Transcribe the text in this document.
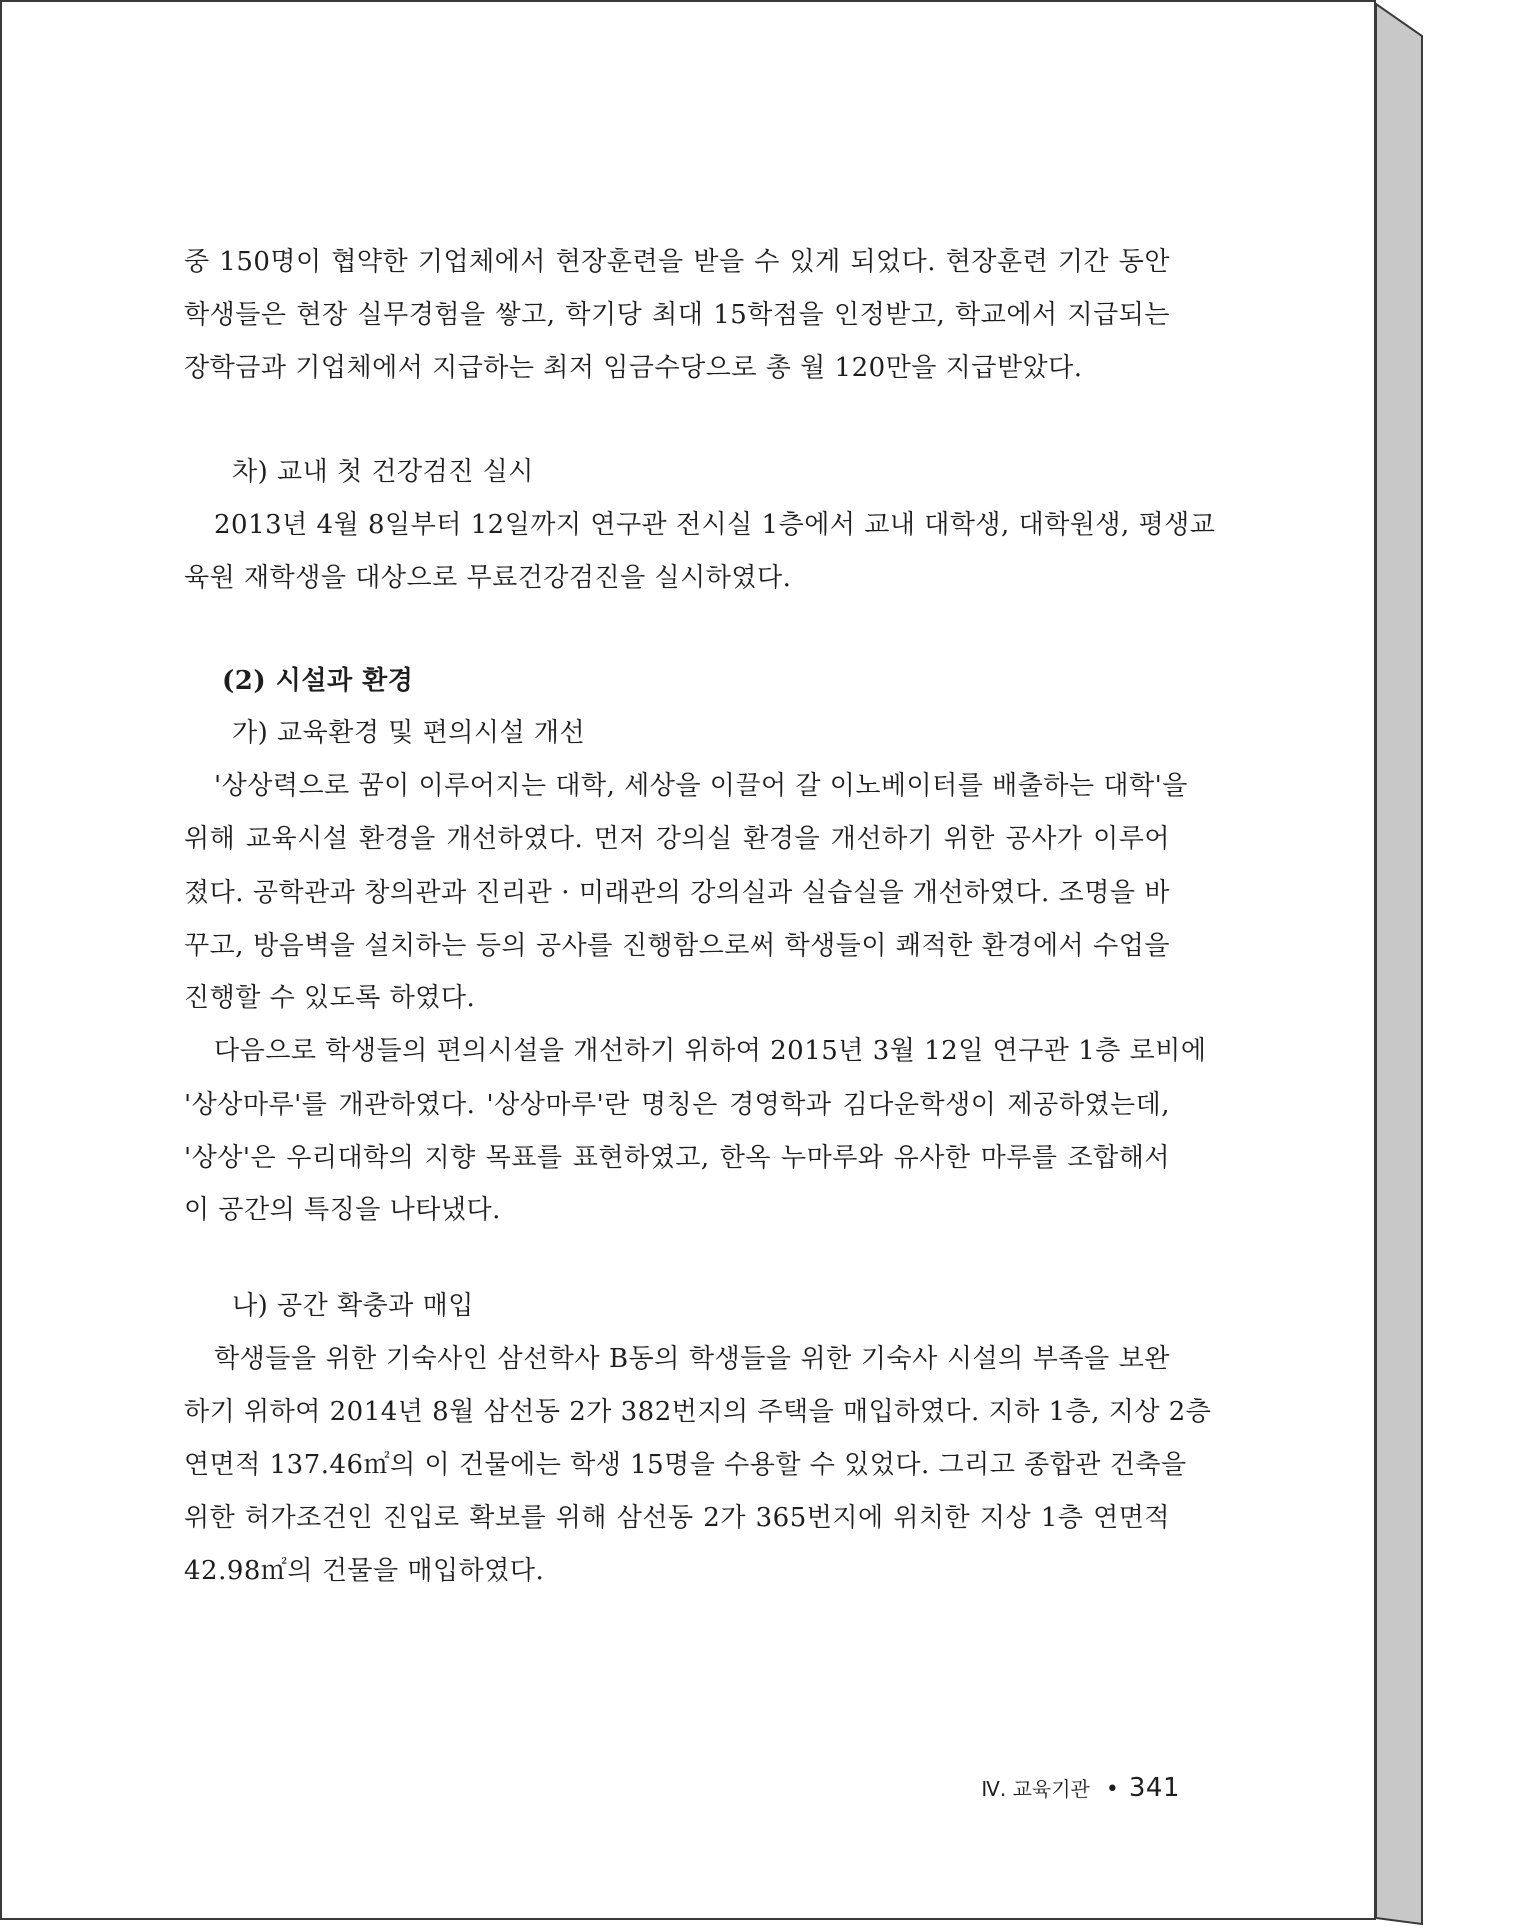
중 150명이 협약한 기업체에서 현장훈련을 받을 수 있게 되었다. 현장훈련 기간 동안
학생들은 현장 실무경험을 쌓고, 학기당 최대 15학점을 인정받고, 학교에서 지급되는
장학금과 기업체에서 지급하는 최저 임금수당으로 총 월 120만을 지급받았다.
차) 교내 첫 건강검진 실시
2013년 4월 8일부터 12일까지 연구관 전시실 1층에서 교내 대학생, 대학원생, 평생교
육원 재학생을 대상으로 무료건강검진을 실시하였다.
(2) 시설과 환경
가) 교육환경 및 편의시설 개선
'상상력으로 꿈이 이루어지는 대학, 세상을 이끌어 갈 이노베이터를 배출하는 대학'을
위해 교육시설 환경을 개선하였다. 먼저 강의실 환경을 개선하기 위한 공사가 이루어
졌다. 공학관과 창의관과 진리관 · 미래관의 강의실과 실습실을 개선하였다. 조명을 바
꾸고, 방음벽을 설치하는 등의 공사를 진행함으로써 학생들이 쾌적한 환경에서 수업을
진행할 수 있도록 하였다.
다음으로 학생들의 편의시설을 개선하기 위하여 2015년 3월 12일 연구관 1층 로비에
'상상마루'를 개관하였다. '상상마루'란 명칭은 경영학과 김다운학생이 제공하였는데,
'상상'은 우리대학의 지향 목표를 표현하였고, 한옥 누마루와 유사한 마루를 조합해서
이 공간의 특징을 나타냈다.
나) 공간 확충과 매입
학생들을 위한 기숙사인 삼선학사 B동의 학생들을 위한 기숙사 시설의 부족을 보완
하기 위하여 2014년 8월 삼선동 2가 382번지의 주택을 매입하였다. 지하 1층, 지상 2층
연면적 137.46㎡의 이 건물에는 학생 15명을 수용할 수 있었다. 그리고 종합관 건축을
위한 허가조건인 진입로 확보를 위해 삼선동 2가 365번지에 위치한 지상 1층 연면적
42.98㎡의 건물을 매입하였다.
Ⅳ. 교육기관 • 341
